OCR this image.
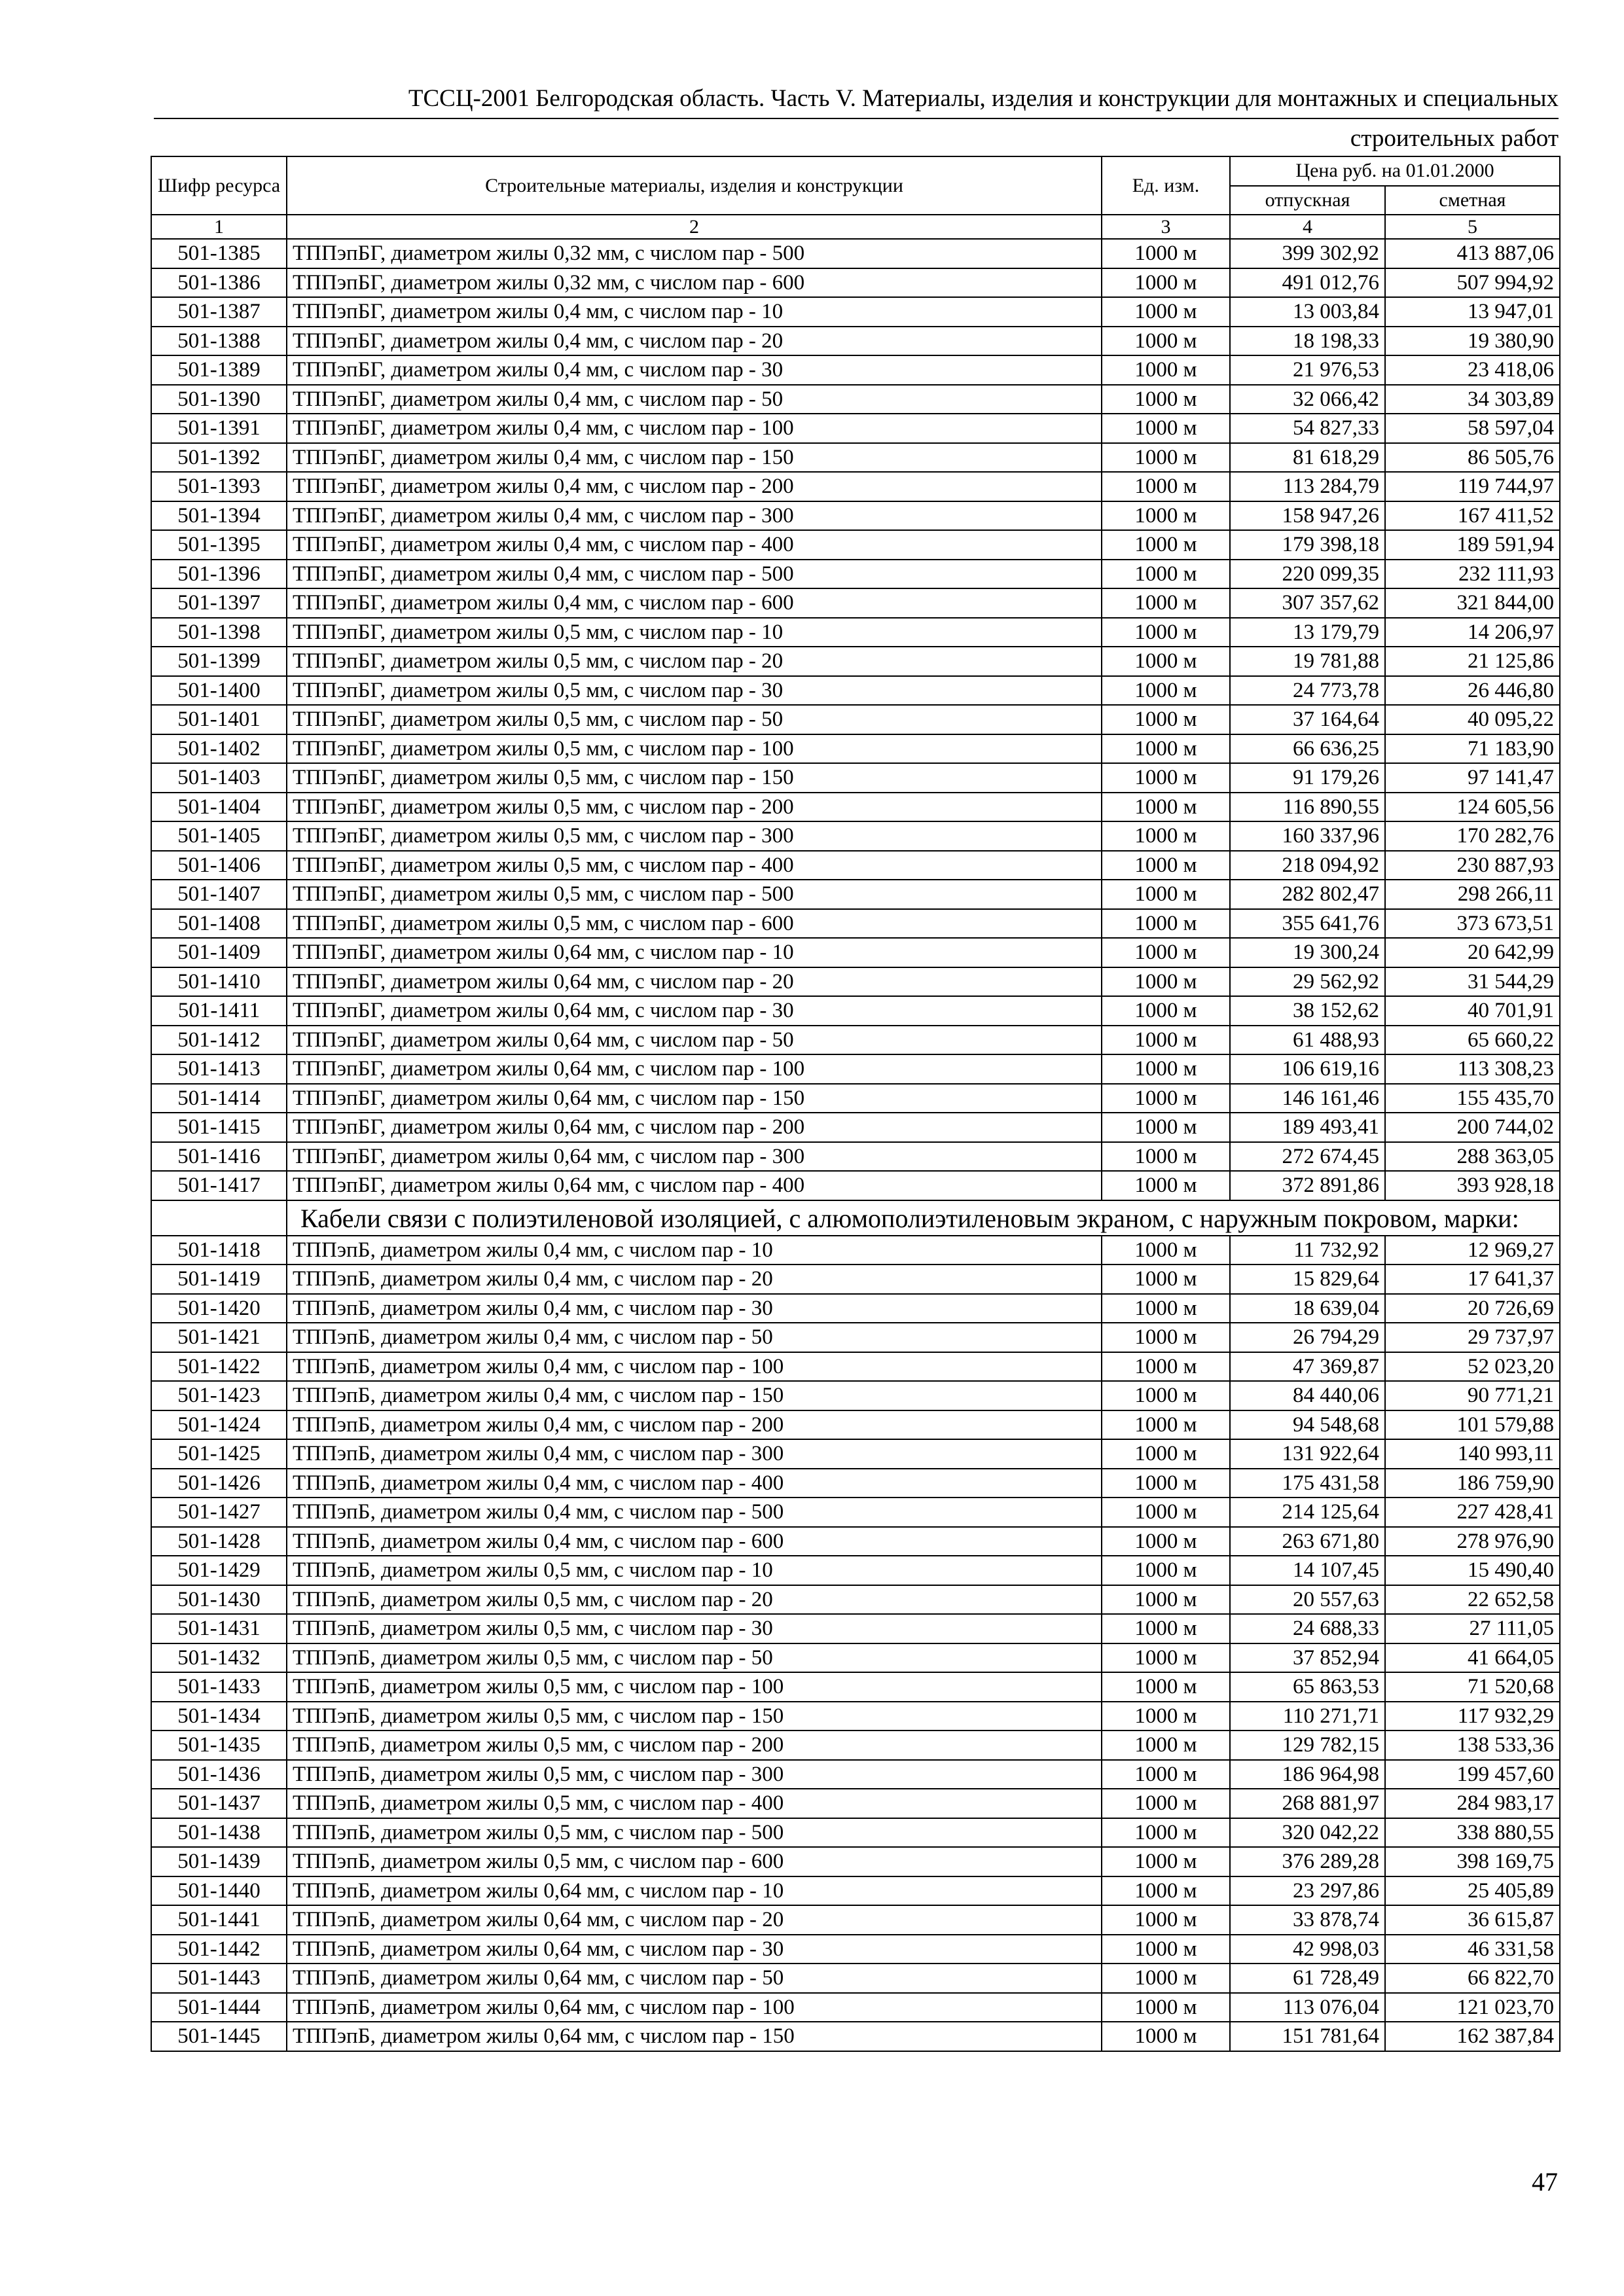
ТССЦ-2001 Белгородская область. Часть V. Материалы, изделия и конструкции для монтажных и специальных
строительных работ
Шифр ресурса	Строительные материалы, изделия и конструкции	Ед. изм.	Цена руб. на 01.01.2000	
			отпускная	сметная
1	2	3	4	5
501-1385	ТППэпБГ, диаметром жилы 0,32 мм, с числом пар - 500	1000 м	399 302,92	413 887,06
501-1386	ТППэпБГ, диаметром жилы 0,32 мм, с числом пар - 600	1000 м	491 012,76	507 994,92
501-1387	ТППэпБГ, диаметром жилы 0,4 мм, с числом пар - 10	1000 м	13 003,84	13 947,01
501-1388	ТППэпБГ, диаметром жилы 0,4 мм, с числом пар - 20	1000 м	18 198,33	19 380,90
501-1389	ТППэпБГ, диаметром жилы 0,4 мм, с числом пар - 30	1000 м	21 976,53	23 418,06
501-1390	ТППэпБГ, диаметром жилы 0,4 мм, с числом пар - 50	1000 м	32 066,42	34 303,89
501-1391	ТППэпБГ, диаметром жилы 0,4 мм, с числом пар - 100	1000 м	54 827,33	58 597,04
501-1392	ТППэпБГ, диаметром жилы 0,4 мм, с числом пар - 150	1000 м	81 618,29	86 505,76
501-1393	ТППэпБГ, диаметром жилы 0,4 мм, с числом пар - 200	1000 м	113 284,79	119 744,97
501-1394	ТППэпБГ, диаметром жилы 0,4 мм, с числом пар - 300	1000 м	158 947,26	167 411,52
501-1395	ТППэпБГ, диаметром жилы 0,4 мм, с числом пар - 400	1000 м	179 398,18	189 591,94
501-1396	ТППэпБГ, диаметром жилы 0,4 мм, с числом пар - 500	1000 м	220 099,35	232 111,93
501-1397	ТППэпБГ, диаметром жилы 0,4 мм, с числом пар - 600	1000 м	307 357,62	321 844,00
501-1398	ТППэпБГ, диаметром жилы 0,5 мм, с числом пар - 10	1000 м	13 179,79	14 206,97
501-1399	ТППэпБГ, диаметром жилы 0,5 мм, с числом пар - 20	1000 м	19 781,88	21 125,86
501-1400	ТППэпБГ, диаметром жилы 0,5 мм, с числом пар - 30	1000 м	24 773,78	26 446,80
501-1401	ТППэпБГ, диаметром жилы 0,5 мм, с числом пар - 50	1000 м	37 164,64	40 095,22
501-1402	ТППэпБГ, диаметром жилы 0,5 мм, с числом пар - 100	1000 м	66 636,25	71 183,90
501-1403	ТППэпБГ, диаметром жилы 0,5 мм, с числом пар - 150	1000 м	91 179,26	97 141,47
501-1404	ТППэпБГ, диаметром жилы 0,5 мм, с числом пар - 200	1000 м	116 890,55	124 605,56
501-1405	ТППэпБГ, диаметром жилы 0,5 мм, с числом пар - 300	1000 м	160 337,96	170 282,76
501-1406	ТППэпБГ, диаметром жилы 0,5 мм, с числом пар - 400	1000 м	218 094,92	230 887,93
501-1407	ТППэпБГ, диаметром жилы 0,5 мм, с числом пар - 500	1000 м	282 802,47	298 266,11
501-1408	ТППэпБГ, диаметром жилы 0,5 мм, с числом пар - 600	1000 м	355 641,76	373 673,51
501-1409	ТППэпБГ, диаметром жилы 0,64 мм, с числом пар - 10	1000 м	19 300,24	20 642,99
501-1410	ТППэпБГ, диаметром жилы 0,64 мм, с числом пар - 20	1000 м	29 562,92	31 544,29
501-1411	ТППэпБГ, диаметром жилы 0,64 мм, с числом пар - 30	1000 м	38 152,62	40 701,91
501-1412	ТППэпБГ, диаметром жилы 0,64 мм, с числом пар - 50	1000 м	61 488,93	65 660,22
501-1413	ТППэпБГ, диаметром жилы 0,64 мм, с числом пар - 100	1000 м	106 619,16	113 308,23
501-1414	ТППэпБГ, диаметром жилы 0,64 мм, с числом пар - 150	1000 м	146 161,46	155 435,70
501-1415	ТППэпБГ, диаметром жилы 0,64 мм, с числом пар - 200	1000 м	189 493,41	200 744,02
501-1416	ТППэпБГ, диаметром жилы 0,64 мм, с числом пар - 300	1000 м	272 674,45	288 363,05
501-1417	ТППэпБГ, диаметром жилы 0,64 мм, с числом пар - 400	1000 м	372 891,86	393 928,18
	Кабели связи с полиэтиленовой изоляцией, с алюмополиэтиленовым экраном, с наружным покровом, марки:			
501-1418	ТППэпБ, диаметром жилы 0,4 мм, с числом пар - 10	1000 м	11 732,92	12 969,27
501-1419	ТППэпБ, диаметром жилы 0,4 мм, с числом пар - 20	1000 м	15 829,64	17 641,37
501-1420	ТППэпБ, диаметром жилы 0,4 мм, с числом пар - 30	1000 м	18 639,04	20 726,69
501-1421	ТППэпБ, диаметром жилы 0,4 мм, с числом пар - 50	1000 м	26 794,29	29 737,97
501-1422	ТППэпБ, диаметром жилы 0,4 мм, с числом пар - 100	1000 м	47 369,87	52 023,20
501-1423	ТППэпБ, диаметром жилы 0,4 мм, с числом пар - 150	1000 м	84 440,06	90 771,21
501-1424	ТППэпБ, диаметром жилы 0,4 мм, с числом пар - 200	1000 м	94 548,68	101 579,88
501-1425	ТППэпБ, диаметром жилы 0,4 мм, с числом пар - 300	1000 м	131 922,64	140 993,11
501-1426	ТППэпБ, диаметром жилы 0,4 мм, с числом пар - 400	1000 м	175 431,58	186 759,90
501-1427	ТППэпБ, диаметром жилы 0,4 мм, с числом пар - 500	1000 м	214 125,64	227 428,41
501-1428	ТППэпБ, диаметром жилы 0,4 мм, с числом пар - 600	1000 м	263 671,80	278 976,90
501-1429	ТППэпБ, диаметром жилы 0,5 мм, с числом пар - 10	1000 м	14 107,45	15 490,40
501-1430	ТППэпБ, диаметром жилы 0,5 мм, с числом пар - 20	1000 м	20 557,63	22 652,58
501-1431	ТППэпБ, диаметром жилы 0,5 мм, с числом пар - 30	1000 м	24 688,33	27 111,05
501-1432	ТППэпБ, диаметром жилы 0,5 мм, с числом пар - 50	1000 м	37 852,94	41 664,05
501-1433	ТППэпБ, диаметром жилы 0,5 мм, с числом пар - 100	1000 м	65 863,53	71 520,68
501-1434	ТППэпБ, диаметром жилы 0,5 мм, с числом пар - 150	1000 м	110 271,71	117 932,29
501-1435	ТППэпБ, диаметром жилы 0,5 мм, с числом пар - 200	1000 м	129 782,15	138 533,36
501-1436	ТППэпБ, диаметром жилы 0,5 мм, с числом пар - 300	1000 м	186 964,98	199 457,60
501-1437	ТППэпБ, диаметром жилы 0,5 мм, с числом пар - 400	1000 м	268 881,97	284 983,17
501-1438	ТППэпБ, диаметром жилы 0,5 мм, с числом пар - 500	1000 м	320 042,22	338 880,55
501-1439	ТППэпБ, диаметром жилы 0,5 мм, с числом пар - 600	1000 м	376 289,28	398 169,75
501-1440	ТППэпБ, диаметром жилы 0,64 мм, с числом пар - 10	1000 м	23 297,86	25 405,89
501-1441	ТППэпБ, диаметром жилы 0,64 мм, с числом пар - 20	1000 м	33 878,74	36 615,87
501-1442	ТППэпБ, диаметром жилы 0,64 мм, с числом пар - 30	1000 м	42 998,03	46 331,58
501-1443	ТППэпБ, диаметром жилы 0,64 мм, с числом пар - 50	1000 м	61 728,49	66 822,70
501-1444	ТППэпБ, диаметром жилы 0,64 мм, с числом пар - 100	1000 м	113 076,04	121 023,70
501-1445	ТППэпБ, диаметром жилы 0,64 мм, с числом пар - 150	1000 м	151 781,64	162 387,84
47
